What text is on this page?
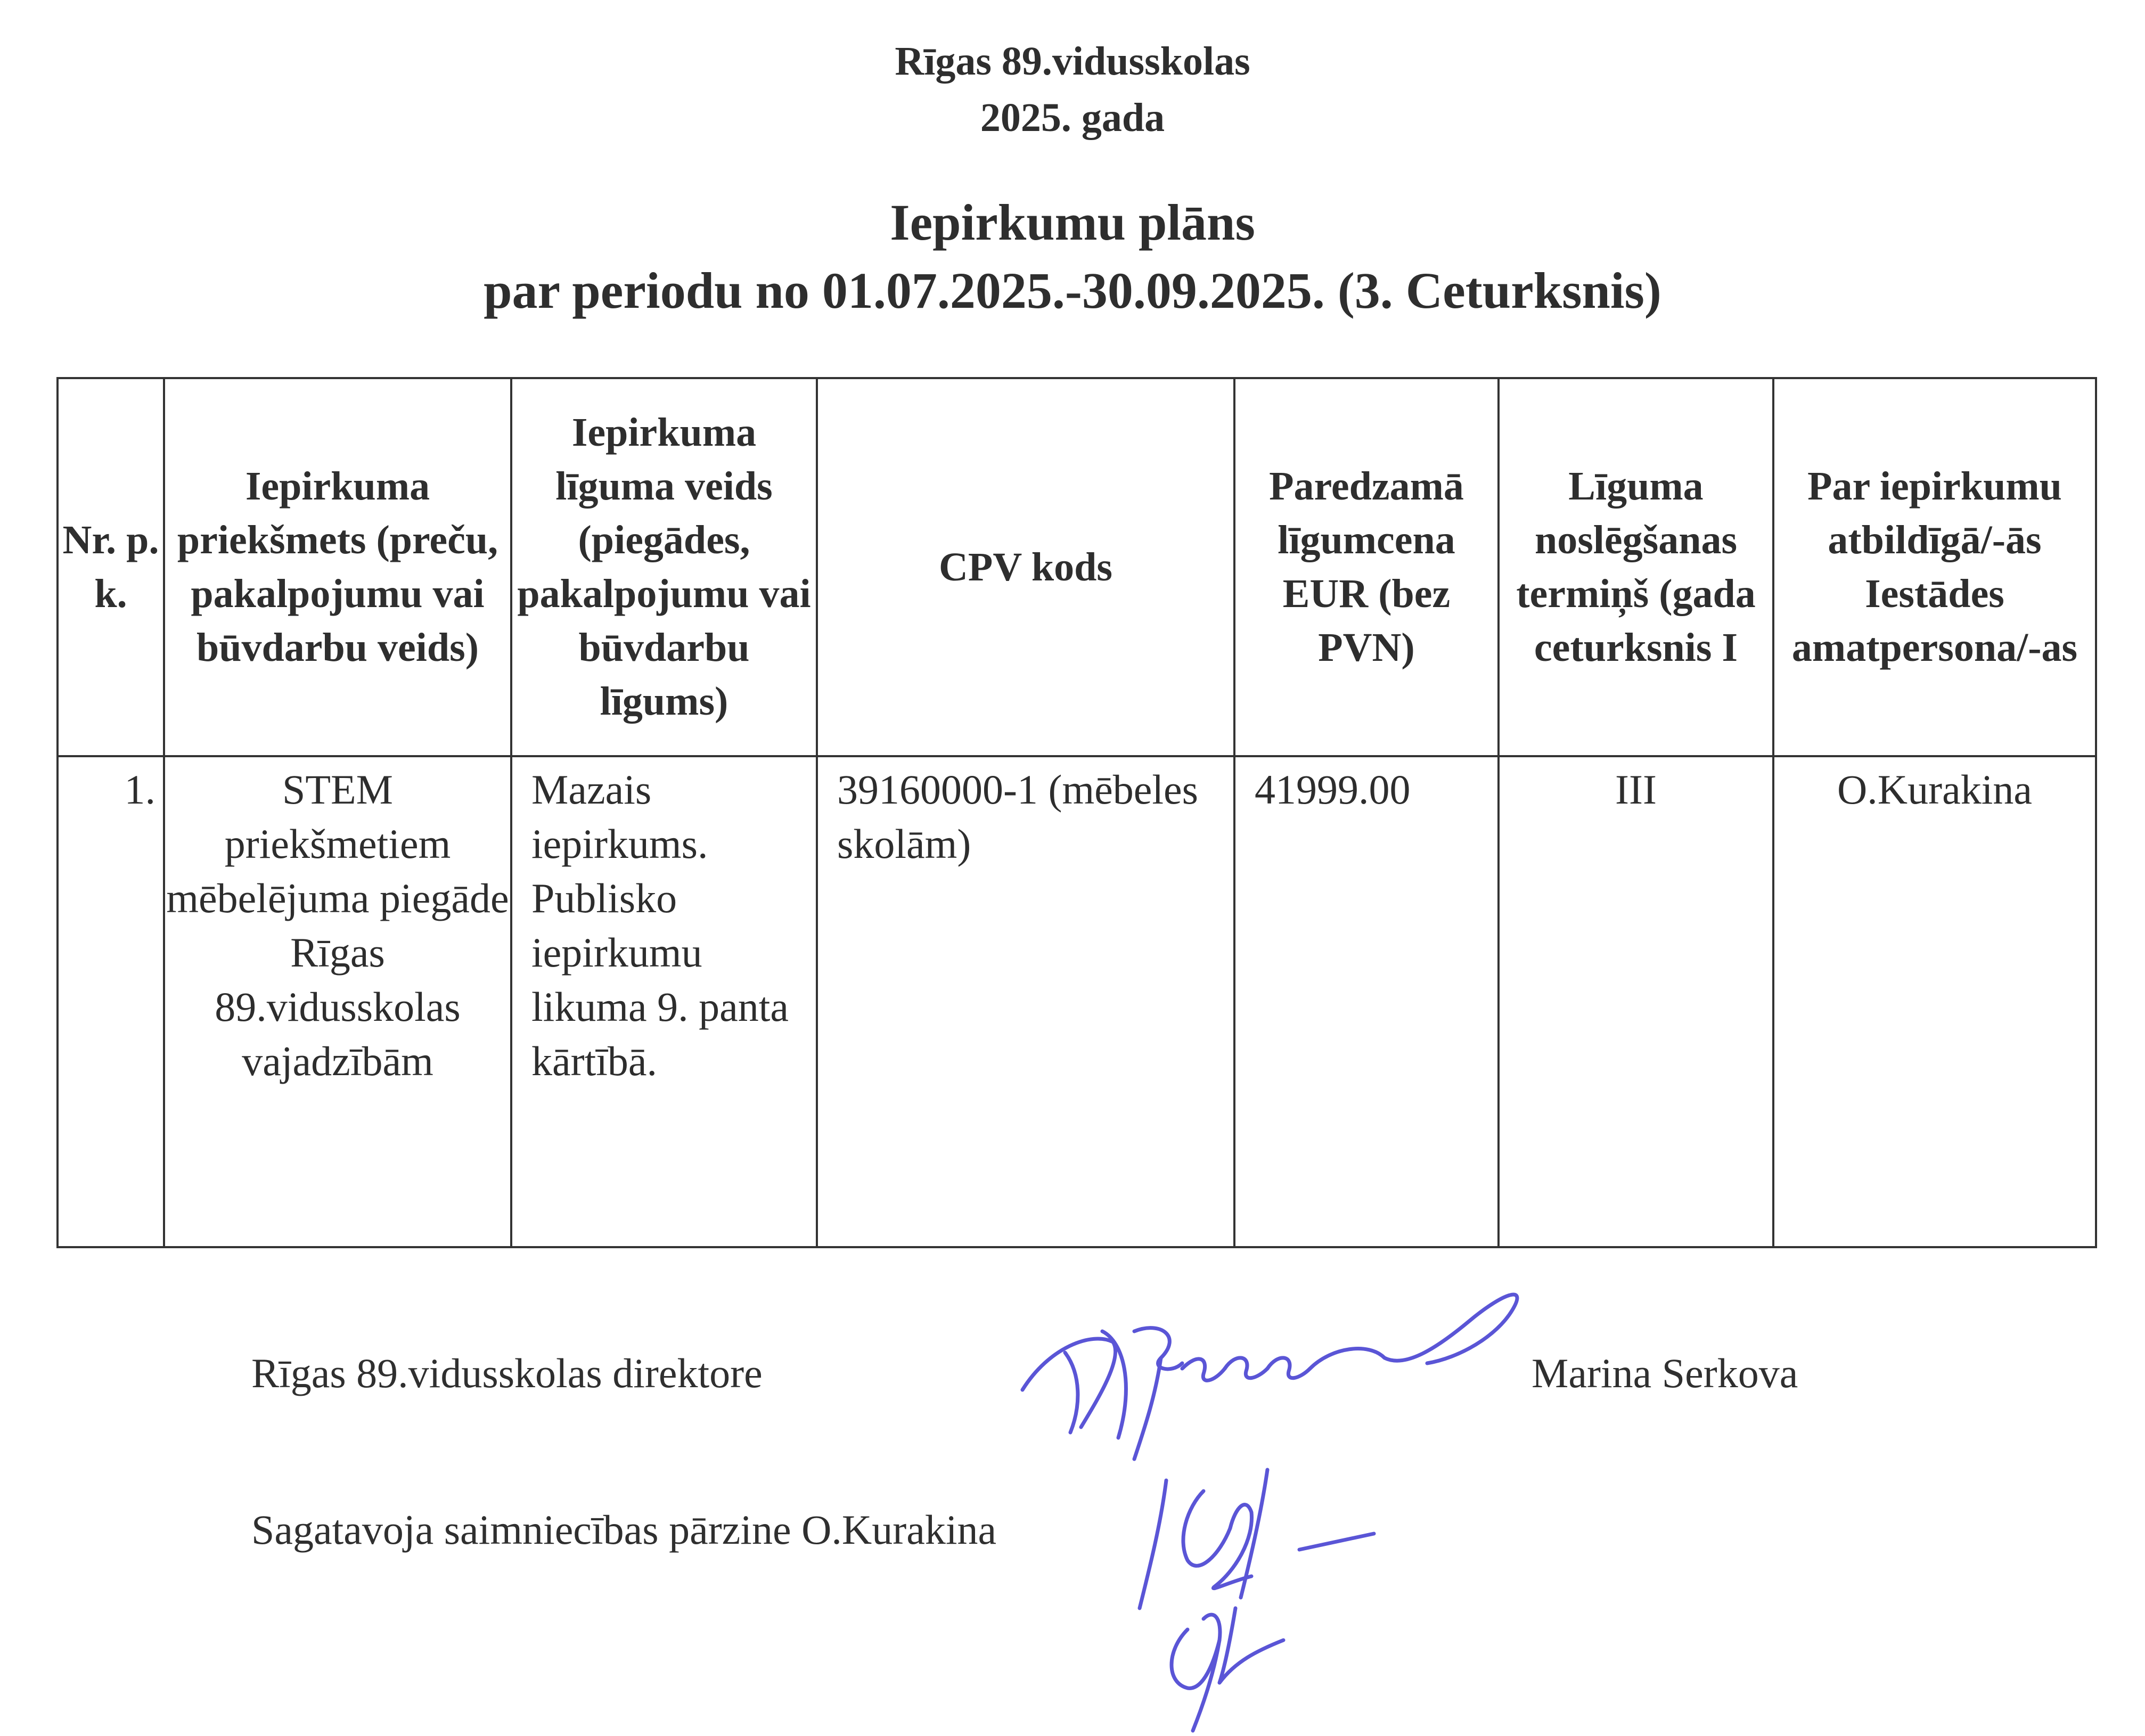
Rīgas 89.vidusskolas
2025. gada
Iepirkumu plāns
par periodu no 01.07.2025.-30.09.2025. (3. Ceturksnis)
Nr. p. k.	Iepirkuma priekšmets (preču, pakalpojumu vai būvdarbu veids)	Iepirkuma līguma veids (piegādes, pakalpojumu vai būvdarbu līgums)	CPV kods	Paredzamā līgumcena EUR (bez PVN)	Līguma noslēgšanas termiņš (gada ceturksnis I	Par iepirkumu atbildīgā/-ās Iestādes amatpersona/-as
1.	STEM priekšmetiem mēbelējuma piegāde Rīgas 89.vidusskolas vajadzībām	Mazais iepirkums. Publisko iepirkumu likuma 9. panta kārtībā.	39160000-1 (mēbeles skolām)	41999.00	III	O.Kurakina
Rīgas 89.vidusskolas direktore	Marina Serkova
Sagatavoja saimniecības pārzine O.Kurakina
